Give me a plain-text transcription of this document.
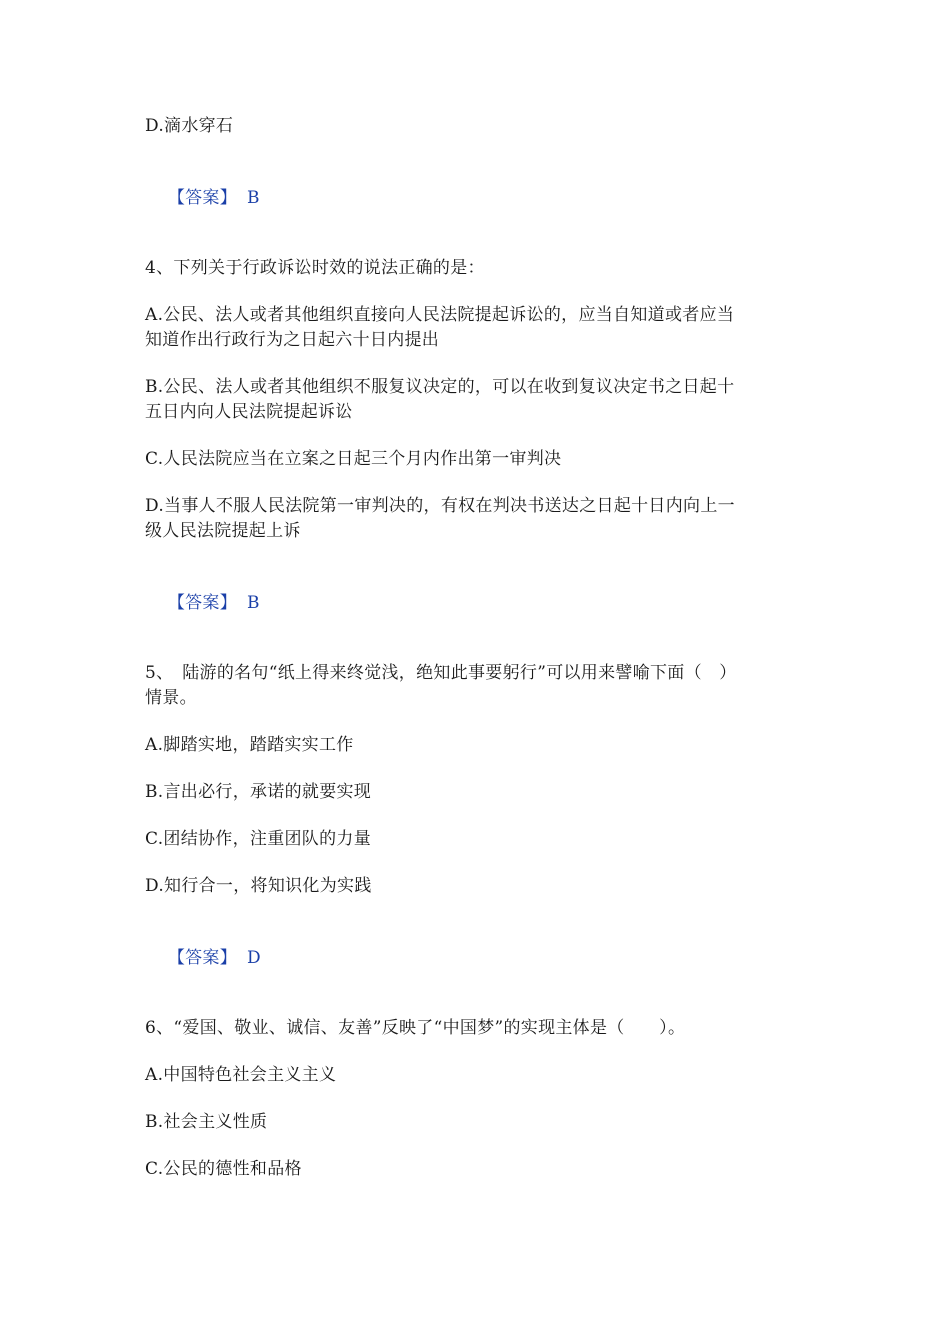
D.滴水穿石

【答案】 B

4、下列关于行政诉讼时效的说法正确的是：
A.公民、法人或者其他组织直接向人民法院提起诉讼的，应当自知道或者应当
知道作出行政行为之日起六十日内提出
B.公民、法人或者其他组织不服复议决定的，可以在收到复议决定书之日起十
五日内向人民法院提起诉讼
C.人民法院应当在立案之日起三个月内作出第一审判决
D.当事人不服人民法院第一审判决的，有权在判决书送达之日起十日内向上一
级人民法院提起上诉

【答案】 B

5、　陆游的名句“纸上得来终觉浅，绝知此事要躬行”可以用来譬喻下面（　）
情景。
A.脚踏实地，踏踏实实工作
B.言出必行，承诺的就要实现
C.团结协作，注重团队的力量
D.知行合一，将知识化为实践

【答案】 D

6、“爱国、敬业、诚信、友善”反映了“中国梦”的实现主体是（　　）。
A.中国特色社会主义主义
B.社会主义性质
C.公民的德性和品格
